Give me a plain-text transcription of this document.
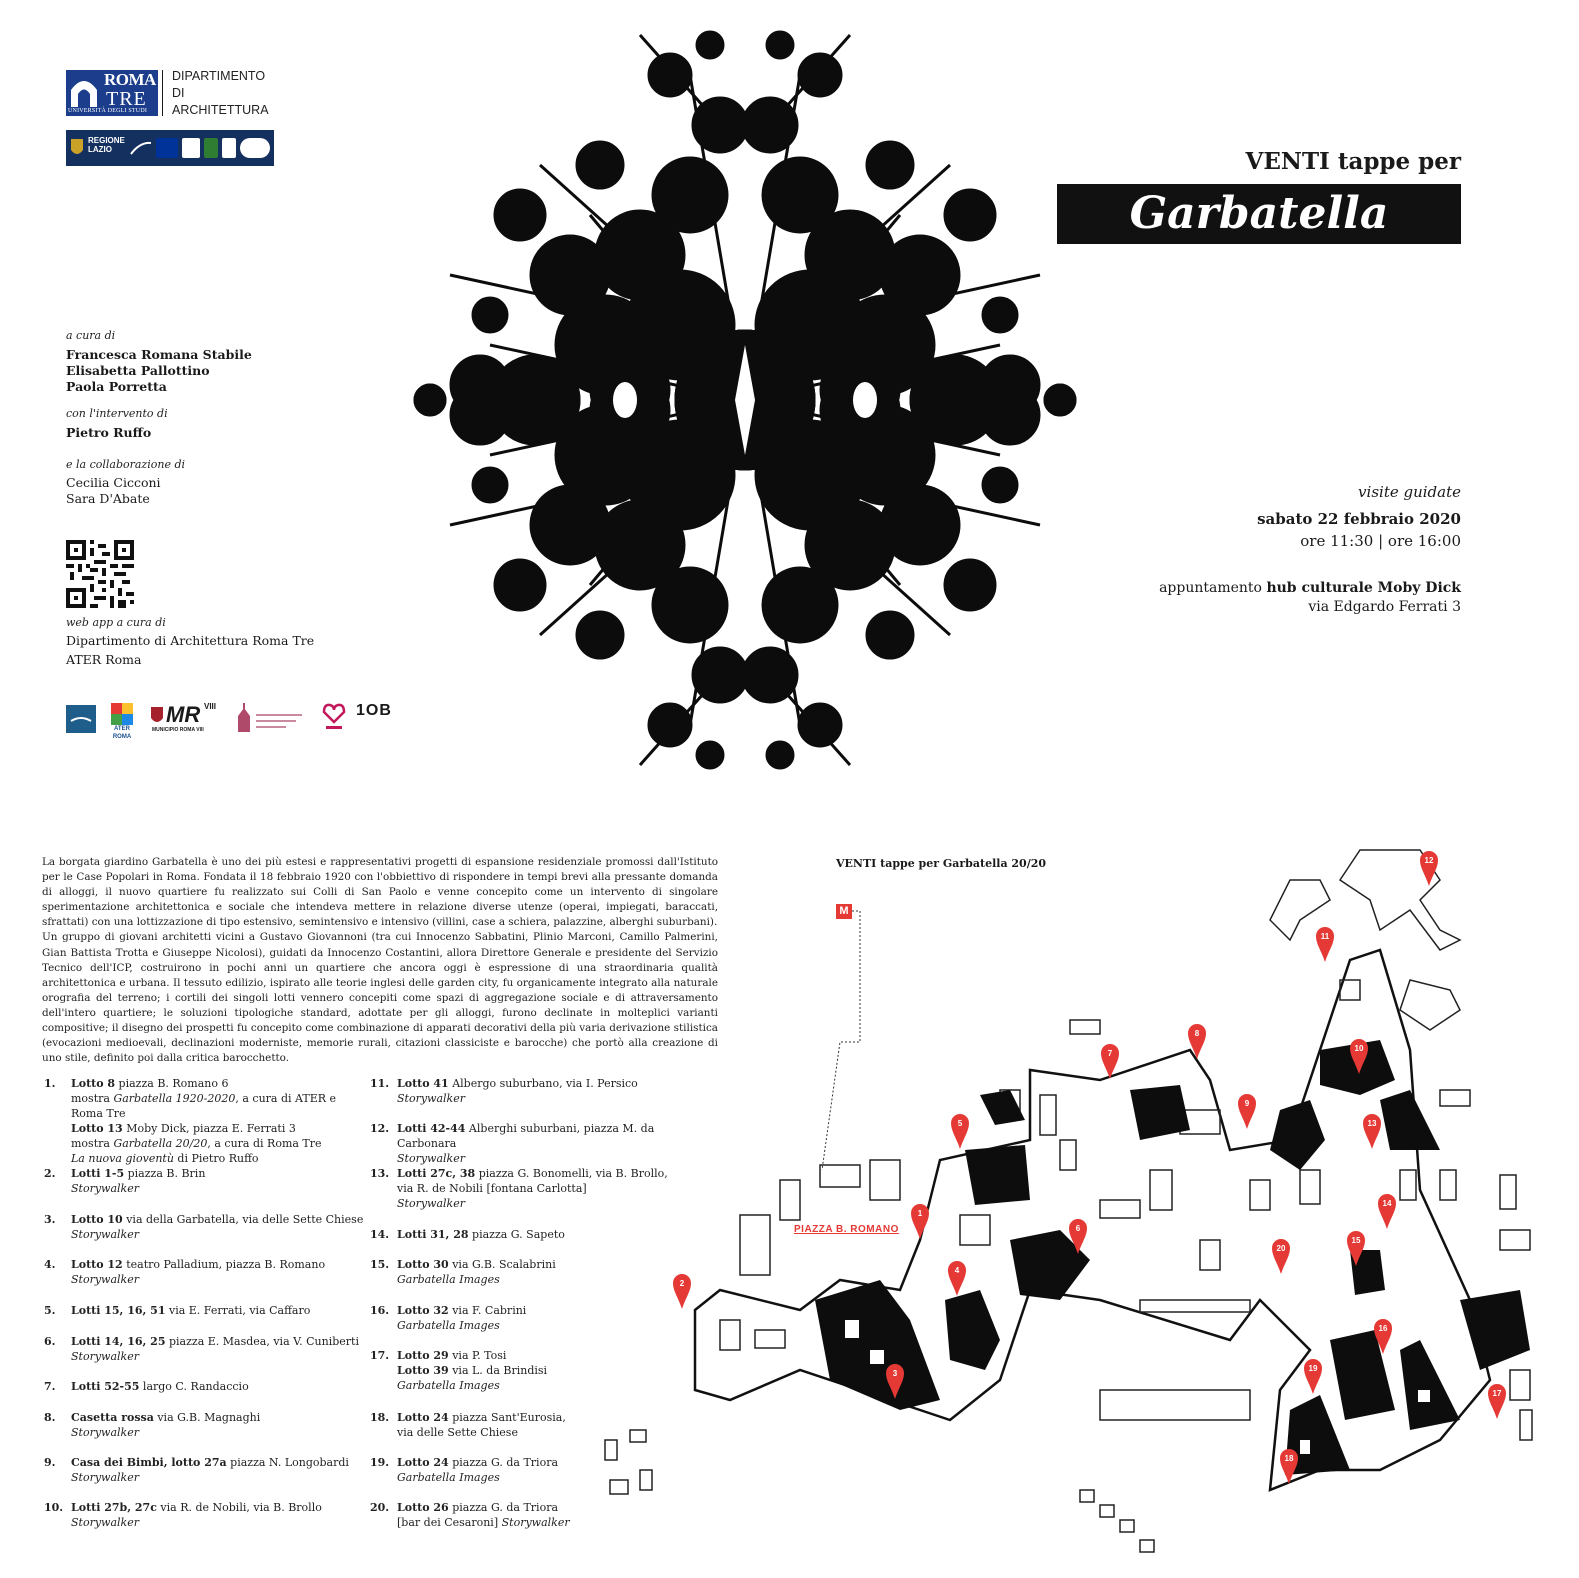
ROMA
TRE
UNIVERSITÀ DEGLI STUDI
DIPARTIMENTO
DI
ARCHITETTURA
REGIONE LAZIO
a cura di
Francesca Romana Stabile
Elisabetta Pallottino
Paola Porretta
con l'intervento di
Pietro Ruffo
e la collaborazione di
Cecilia Cicconi
Sara D'Abate
web app a cura di
Dipartimento di Architettura Roma Tre
ATER Roma
ATER ROMA
MR VIII
MUNICIPIO ROMA VIII
1OB
VENTI tappe per
Garbatella 20/20
visite guidate
sabato 22 febbraio 2020
ore 11:30 | ore 16:00
appuntamento hub culturale Moby Dick
via Edgardo Ferrati 3
La borgata giardino Garbatella è uno dei più estesi e rappresentativi progetti di espansione residenziale promossi dall'Istituto per le Case Popolari in Roma. Fondata il 18 febbraio 1920 con l'obbiettivo di rispondere in tempi brevi alla pressante domanda di alloggi, il nuovo quartiere fu realizzato sui Colli di San Paolo e venne concepito come un intervento di singolare sperimentazione architettonica e sociale che intendeva mettere in relazione diverse utenze (operai, impiegati, baraccati, sfrattati) con una lottizzazione di tipo estensivo, semintensivo e intensivo (villini, case a schiera, palazzine, alberghi suburbani).
Un gruppo di giovani architetti vicini a Gustavo Giovannoni (tra cui Innocenzo Sabbatini, Plinio Marconi, Camillo Palmerini, Gian Battista Trotta e Giuseppe Nicolosi), guidati da Innocenzo Costantini, allora Direttore Generale e presidente del Servizio Tecnico dell'ICP, costruirono in pochi anni un quartiere che ancora oggi è espressione di una straordinaria qualità architettonica e urbana. Il tessuto edilizio, ispirato alle teorie inglesi delle garden city, fu organicamente integrato alla naturale orografia del terreno; i cortili dei singoli lotti vennero concepiti come spazi di aggregazione sociale e di attraversamento dell'intero quartiere; le soluzioni tipologiche standard, adottate per gli alloggi, furono declinate in molteplici varianti compositive; il disegno dei prospetti fu concepito come combinazione di apparati decorativi della più varia derivazione stilistica (evocazioni medioevali, declinazioni moderniste, memorie rurali, citazioni classiciste e barocche) che portò alla creazione di uno stile, definito poi dalla critica barocchetto.
1. Lotto 8 piazza B. Romano 6
mostra Garbatella 1920-2020, a cura di ATER e Roma Tre
Lotto 13 Moby Dick, piazza E. Ferrati 3
mostra Garbatella 20/20, a cura di Roma Tre
La nuova gioventù di Pietro Ruffo
2. Lotti 1-5 piazza B. Brin
Storywalker
3. Lotto 10 via della Garbatella, via delle Sette Chiese
Storywalker
4. Lotto 12 teatro Palladium, piazza B. Romano
Storywalker
5. Lotti 15, 16, 51 via E. Ferrati, via Caffaro
6. Lotti 14, 16, 25 piazza E. Masdea, via V. Cuniberti
Storywalker
7. Lotti 52-55 largo C. Randaccio
8. Casetta rossa via G.B. Magnaghi
Storywalker
9. Casa dei Bimbi, lotto 27a piazza N. Longobardi
Storywalker
10. Lotti 27b, 27c via R. de Nobili, via B. Brollo
Storywalker
11. Lotto 41 Albergo suburbano, via I. Persico
Storywalker
12. Lotti 42-44 Alberghi suburbani, piazza M. da Carbonara
Storywalker
13. Lotti 27c, 38 piazza G. Bonomelli, via B. Brollo,
via R. de Nobili [fontana Carlotta]
Storywalker
14. Lotti 31, 28 piazza G. Sapeto
15. Lotto 30 via G.B. Scalabrini
Garbatella Images
16. Lotto 32 via F. Cabrini
Garbatella Images
17. Lotto 29 via P. Tosi
Lotto 39 via L. da Brindisi
Garbatella Images
18. Lotto 24 piazza Sant'Eurosia,
via delle Sette Chiese
19. Lotto 24 piazza G. da Triora
Garbatella Images
20. Lotto 26 piazza G. da Triora
[bar dei Cesaroni] Storywalker
VENTI tappe per Garbatella 20/20
M
1
2
3
4
5
6
7
8
9
10
11
12
13
14
15
16
17
18
19
20
PIAZZA B. ROMANO
